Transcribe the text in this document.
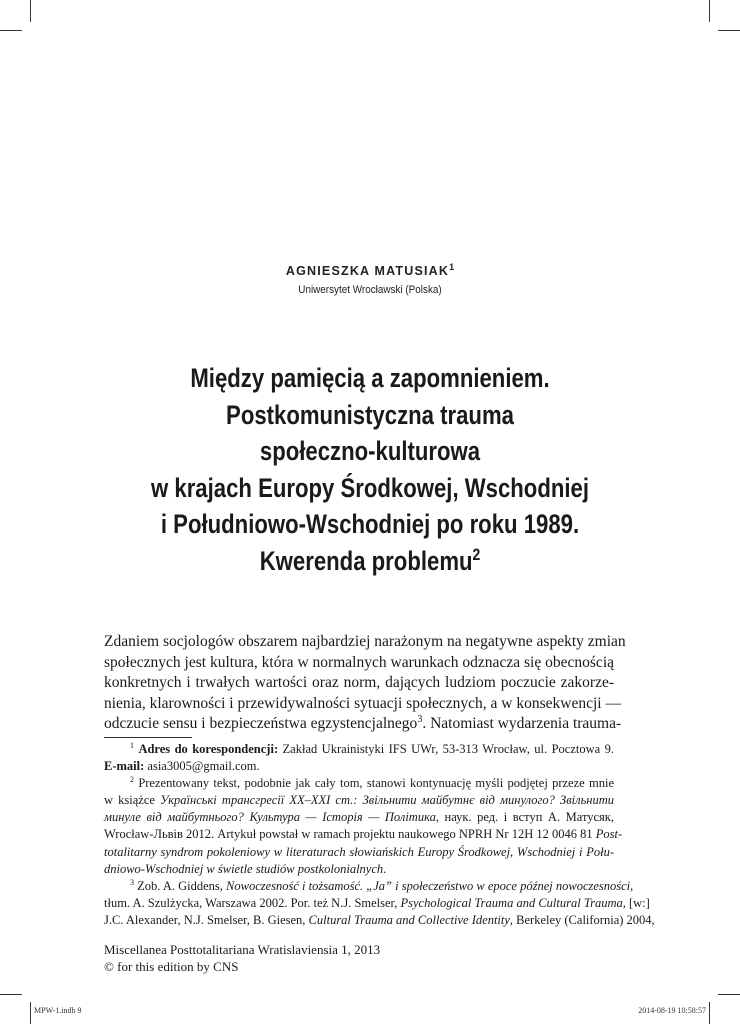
AGNIESZKA MATUSIAK$^1$
Uniwersytet Wrocławski (Polska)
Między pamięcią a zapomnieniem.
Postkomunistyczna trauma
społeczno-kulturowa
w krajach Europy Środkowej, Wschodniej
i Południowo-Wschodniej po roku 1989.
Kwerenda problemu$^2$
Zdaniem socjologów obszarem najbardziej narażonym na negatywne aspekty zmian
społecznych jest kultura, która w normalnych warunkach odznacza się obecnością
konkretnych i trwałych wartości oraz norm, dających ludziom poczucie zakorze-
nienia, klarowności i przewidywalności sytuacji społecznych, a w konsekwencji —
odczucie sensu i bezpieczeństwa egzystencjalnego$^3$. Natomiast wydarzenia trauma-
$^1$ Adres do korespondencji: Zakład Ukrainistyki IFS UWr, 53-313 Wrocław, ul. Pocztowa 9.
E-mail: asia3005@gmail.com.
$^2$ Prezentowany tekst, podobnie jak cały tom, stanowi kontynuację myśli podjętej przeze mnie
w książce Українські трансгресії XX–XXI ст.: Звільнити майбутнє від минулого? Звільнити
минуле від майбутнього? Культура — Історія — Політика, наук. ред. і вступ А. Матусяк,
Wrocław-Львів 2012. Artykuł powstał w ramach projektu naukowego NPRH Nr 12H 12 0046 81 Post-
totalitarny syndrom pokoleniowy w literaturach słowiańskich Europy Środkowej, Wschodniej i Połu-
dniowo-Wschodniej w świetle studiów postkolonialnych.
$^3$ Zob. A. Giddens, Nowoczesność i tożsamość. „Ja” i społeczeństwo w epoce późnej nowoczesności,
tłum. A. Szulżycka, Warszawa 2002. Por. też N.J. Smelser, Psychological Trauma and Cultural Trauma, [w:]
J.C. Alexander, N.J. Smelser, B. Giesen, Cultural Trauma and Collective Identity, Berkeley (California) 2004,
Miscellanea Posttotalitariana Wratislaviensia 1, 2013
© for this edition by CNS
MPW-1.indb 9	2014-08-19 10:58:57
